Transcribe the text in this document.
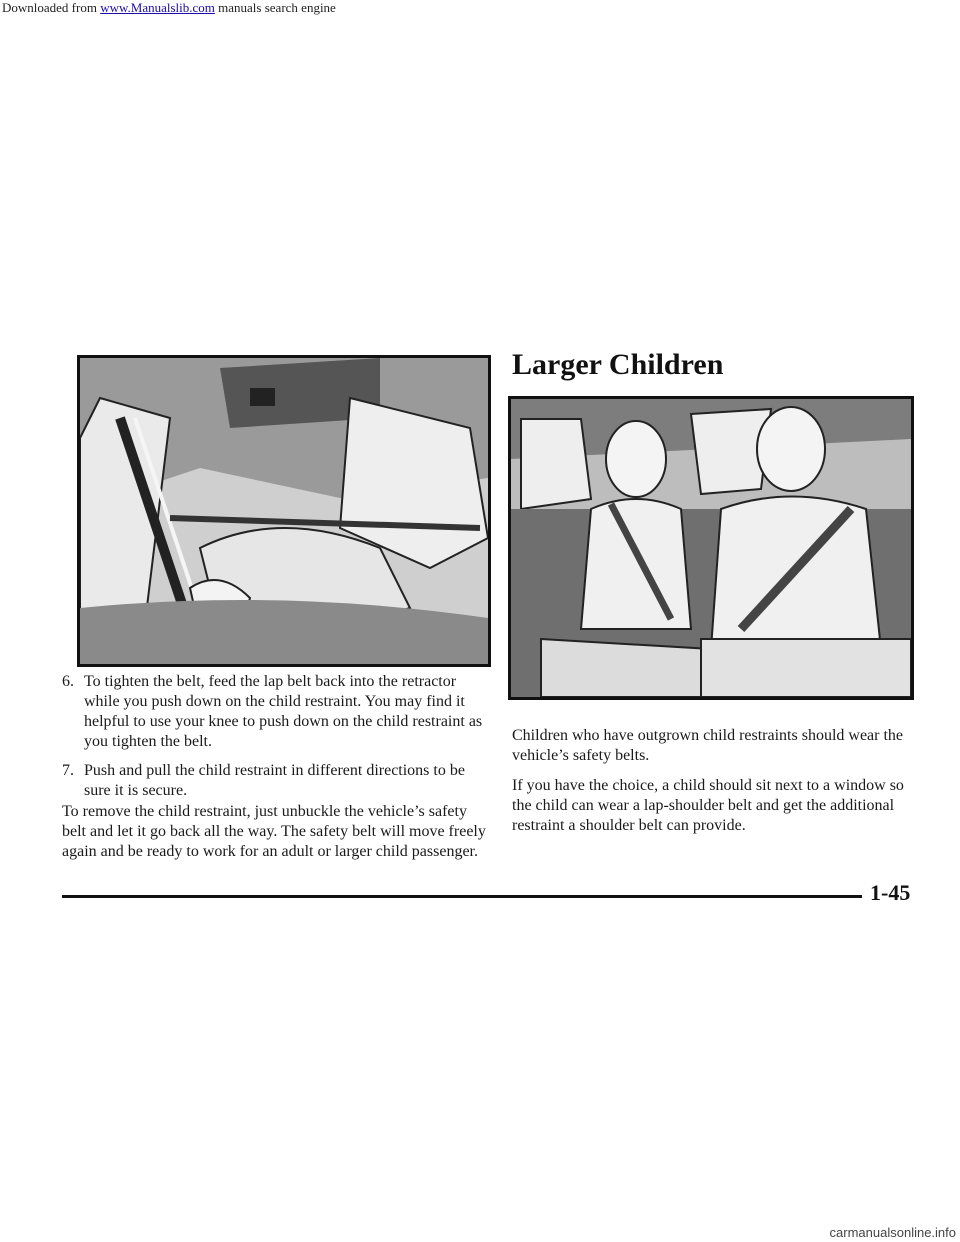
Downloaded from www.Manualslib.com manuals search engine
Larger Children
6. To tighten the belt, feed the lap belt back into the retractor while you push down on the child restraint. You may find it helpful to use your knee to push down on the child restraint as you tighten the belt.
7. Push and pull the child restraint in different directions to be sure it is secure.

To remove the child restraint, just unbuckle the vehicle’s safety belt and let it go back all the way. The safety belt will move freely again and be ready to work for an adult or larger child passenger.

Children who have outgrown child restraints should wear the vehicle’s safety belts.

If you have the choice, a child should sit next to a window so the child can wear a lap-shoulder belt and get the additional restraint a shoulder belt can provide.

1-45
carmanualsonline.info
